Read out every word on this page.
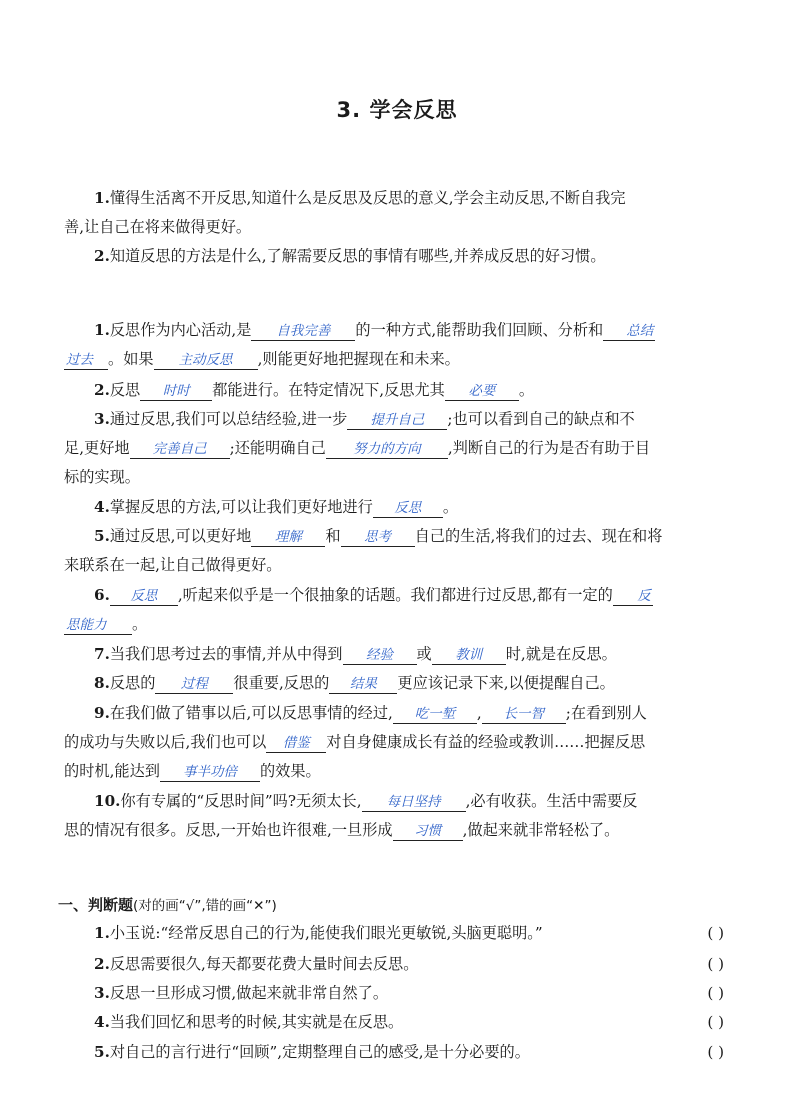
3. 学会反思
1.懂得生活离不开反思,知道什么是反思及反思的意义,学会主动反思,不断自我完
善,让自己在将来做得更好。
2.知道反思的方法是什么,了解需要反思的事情有哪些,并养成反思的好习惯。
1.反思作为内心活动,是 自我完善 的一种方式,能帮助我们回顾、分析和 总结
过去 。如果 主动反思 ,则能更好地把握现在和未来。
2.反思 时时 都能进行。在特定情况下,反思尤其 必要 。
3.通过反思,我们可以总结经验,进一步 提升自己 ;也可以看到自己的缺点和不
足,更好地 完善自己 ;还能明确自己 努力的方向 ,判断自己的行为是否有助于目
标的实现。
4.掌握反思的方法,可以让我们更好地进行 反思 。
5.通过反思,可以更好地 理解 和 思考 自己的生活,将我们的过去、现在和将
来联系在一起,让自己做得更好。
6. 反思 ,听起来似乎是一个很抽象的话题。我们都进行过反思,都有一定的 反
思能力 。
7.当我们思考过去的事情,并从中得到 经验 或 教训 时,就是在反思。
8.反思的 过程 很重要,反思的 结果 更应该记录下来,以便提醒自己。
9.在我们做了错事以后,可以反思事情的经过, 吃一堑 , 长一智 ;在看到别人
的成功与失败以后,我们也可以 借鉴 对自身健康成长有益的经验或教训……把握反思
的时机,能达到 事半功倍 的效果。
10.你有专属的“反思时间”吗?无须太长, 每日坚持 ,必有收获。生活中需要反
思的情况有很多。反思,一开始也许很难,一旦形成 习惯 ,做起来就非常轻松了。
一、判断题(对的画“√”,错的画“✕”)
1.小玉说:“经常反思自己的行为,能使我们眼光更敏锐,头脑更聪明。”	( )
2.反思需要很久,每天都要花费大量时间去反思。	( )
3.反思一旦形成习惯,做起来就非常自然了。	( )
4.当我们回忆和思考的时候,其实就是在反思。	( )
5.对自己的言行进行“回顾”,定期整理自己的感受,是十分必要的。	( )
